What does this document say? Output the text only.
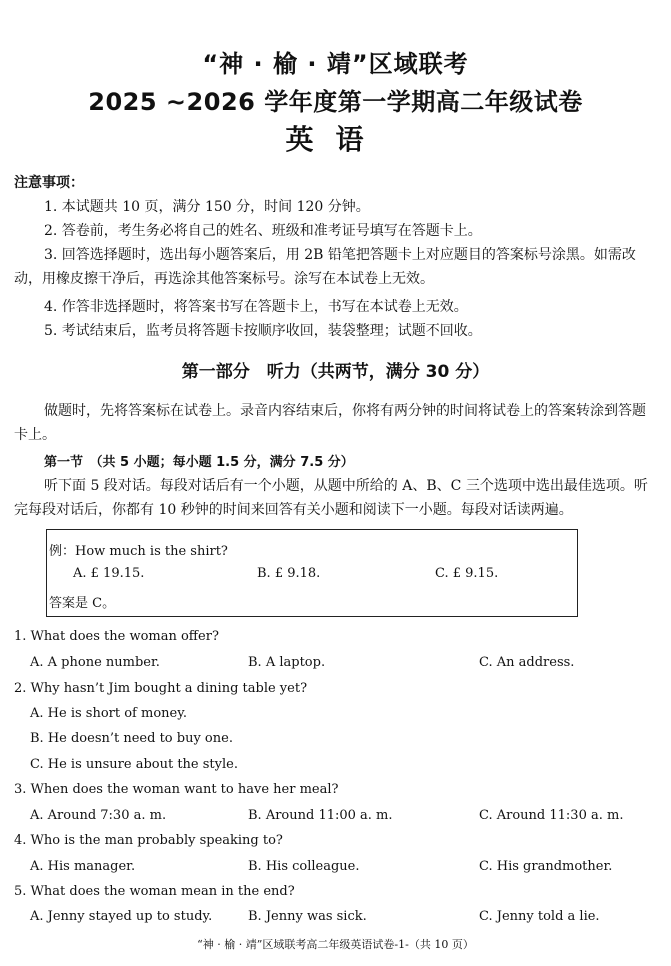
“神 · 榆 · 靖”区域联考
2025 ~2026 学年度第一学期高二年级试卷
英语
注意事项：
1. 本试题共 10 页，满分 150 分，时间 120 分钟。
2. 答卷前，考生务必将自己的姓名、班级和准考证号填写在答题卡上。
3. 回答选择题时，选出每小题答案后，用 2B 铅笔把答题卡上对应题目的答案标号涂黑。如需改动，用橡皮擦干净后，再选涂其他答案标号。涂写在本试卷上无效。
4. 作答非选择题时，将答案书写在答题卡上，书写在本试卷上无效。
5. 考试结束后，监考员将答题卡按顺序收回，装袋整理；试题不回收。
第一部分　听力（共两节，满分 30 分）
做题时，先将答案标在试卷上。录音内容结束后，你将有两分钟的时间将试卷上的答案转涂到答题卡上。
第一节　（共 5 小题；每小题 1.5 分，满分 7.5 分）
听下面 5 段对话。每段对话后有一个小题，从题中所给的 A、B、C 三个选项中选出最佳选项。听完每段对话后，你都有 10 秒钟的时间来回答有关小题和阅读下一小题。每段对话读两遍。
例：How much is the shirt?
A. £ 19.15.	B. £ 9.18.	C. £ 9.15.
答案是 C。
1. What does the woman offer?
A. A phone number.	B. A laptop.	C. An address.
2. Why hasn’t Jim bought a dining table yet?
A. He is short of money.
B. He doesn’t need to buy one.
C. He is unsure about the style.
3. When does the woman want to have her meal?
A. Around 7:30 a. m.	B. Around 11:00 a. m.	C. Around 11:30 a. m.
4. Who is the man probably speaking to?
A. His manager.	B. His colleague.	C. His grandmother.
5. What does the woman mean in the end?
A. Jenny stayed up to study.	B. Jenny was sick.	C. Jenny told a lie.
“神 · 榆 · 靖”区域联考高二年级英语试卷-1-（共 10 页）
